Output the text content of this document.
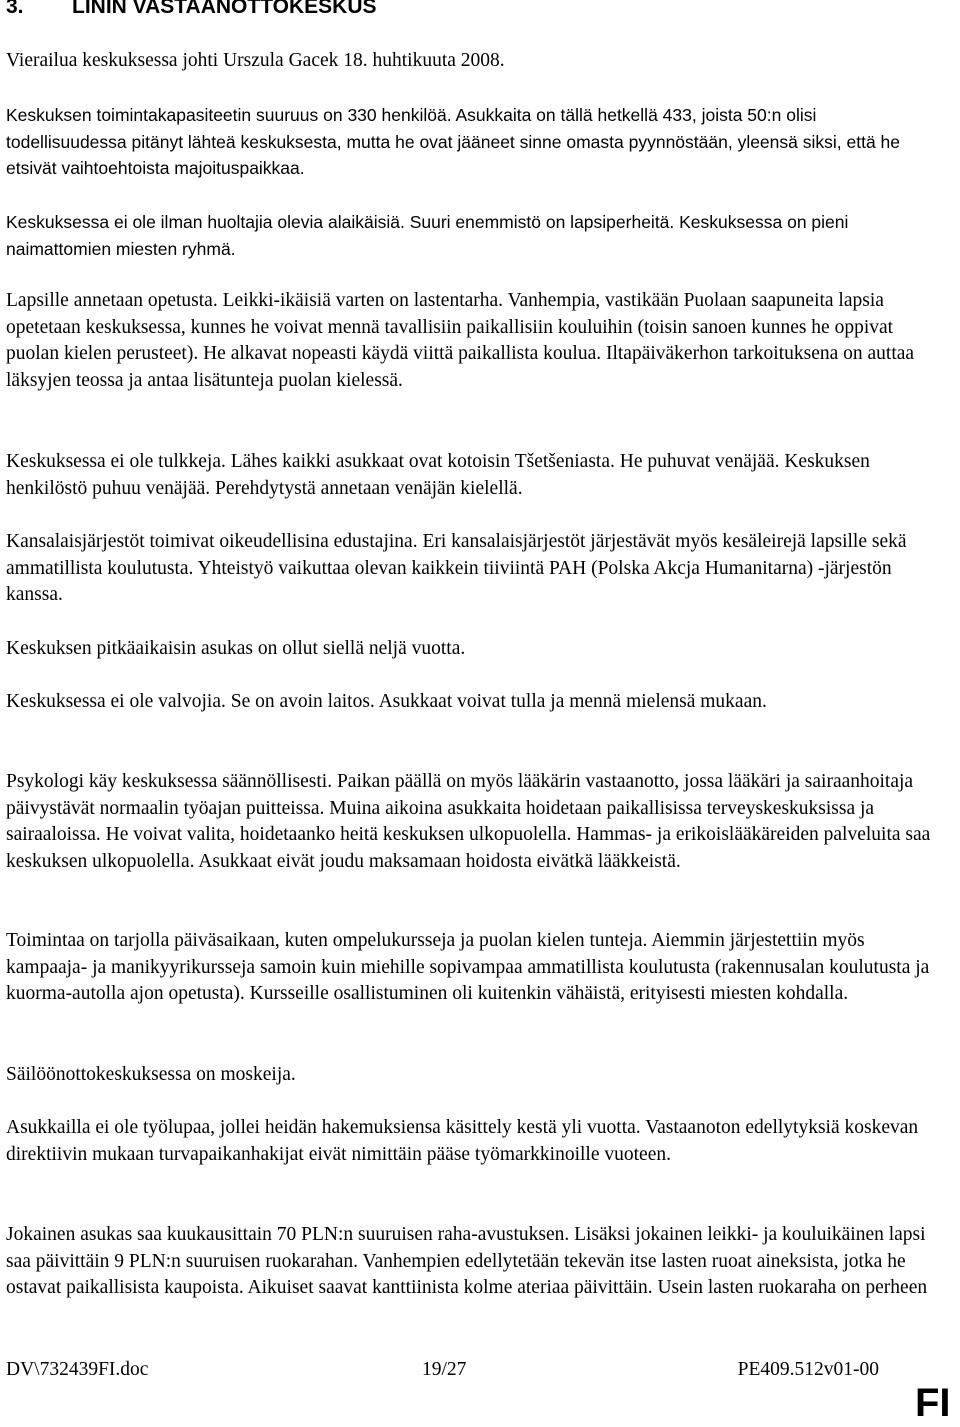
3. LININ VASTAANOTTOKESKUS

Vierailua keskuksessa johti Urszula Gacek 18. huhtikuuta 2008.

Keskuksen toimintakapasiteetin suuruus on 330 henkilöä. Asukkaita on tällä hetkellä 433, joista 50:n olisi todellisuudessa pitänyt lähteä keskuksesta, mutta he ovat jääneet sinne omasta pyynnöstään, yleensä siksi, että he etsivät vaihtoehtoista majoituspaikkaa.

Keskuksessa ei ole ilman huoltajia olevia alaikäisiä. Suuri enemmistö on lapsiperheitä. Keskuksessa on pieni naimattomien miesten ryhmä.

Lapsille annetaan opetusta. Leikki-ikäisiä varten on lastentarha. Vanhempia, vastikään Puolaan saapuneita lapsia opetetaan keskuksessa, kunnes he voivat mennä tavallisiin paikallisiin kouluihin (toisin sanoen kunnes he oppivat puolan kielen perusteet). He alkavat nopeasti käydä viittä paikallista koulua. Iltapäiväkerhon tarkoituksena on auttaa läksyjen teossa ja antaa lisätunteja puolan kielessä.

Keskuksessa ei ole tulkkeja. Lähes kaikki asukkaat ovat kotoisin Tšetšeniasta. He puhuvat venäjää. Keskuksen henkilöstö puhuu venäjää. Perehdytystä annetaan venäjän kielellä.

Kansalaisjärjestöt toimivat oikeudellisina edustajina. Eri kansalaisjärjestöt järjestävät myös kesäleirejä lapsille sekä ammatillista koulutusta. Yhteistyö vaikuttaa olevan kaikkein tiiviintä PAH (Polska Akcja Humanitarna) -järjestön kanssa.

Keskuksen pitkäaikaisin asukas on ollut siellä neljä vuotta.

Keskuksessa ei ole valvojia. Se on avoin laitos. Asukkaat voivat tulla ja mennä mielensä mukaan.

Psykologi käy keskuksessa säännöllisesti. Paikan päällä on myös lääkärin vastaanotto, jossa lääkäri ja sairaanhoitaja päivystävät normaalin työajan puitteissa. Muina aikoina asukkaita hoidetaan paikallisissa terveyskeskuksissa ja sairaaloissa. He voivat valita, hoidetaanko heitä keskuksen ulkopuolella. Hammas- ja erikoislääkäreiden palveluita saa keskuksen ulkopuolella. Asukkaat eivät joudu maksamaan hoidosta eivätkä lääkkeistä.

Toimintaa on tarjolla päiväsaikaan, kuten ompelukursseja ja puolan kielen tunteja. Aiemmin järjestettiin myös kampaaja- ja manikyyrikursseja samoin kuin miehille sopivampaa ammatillista koulutusta (rakennusalan koulutusta ja kuorma-autolla ajon opetusta). Kursseille osallistuminen oli kuitenkin vähäistä, erityisesti miesten kohdalla.

Säilöönottokeskuksessa on moskeija.

Asukkailla ei ole työlupaa, jollei heidän hakemuksiensa käsittely kestä yli vuotta. Vastaanoton edellytyksiä koskevan direktiivin mukaan turvapaikanhakijat eivät nimittäin pääse työmarkkinoille vuoteen.

Jokainen asukas saa kuukausittain 70 PLN:n suuruisen raha-avustuksen. Lisäksi jokainen leikki- ja kouluikäinen lapsi saa päivittäin 9 PLN:n suuruisen ruokarahan. Vanhempien edellytetään tekevän itse lasten ruoat aineksista, jotka he ostavat paikallisista kaupoista. Aikuiset saavat kanttiinista kolme ateriaa päivittäin. Usein lasten ruokaraha on perheen

DV\732439FI.doc	19/27	PE409.512v01-00
FI
